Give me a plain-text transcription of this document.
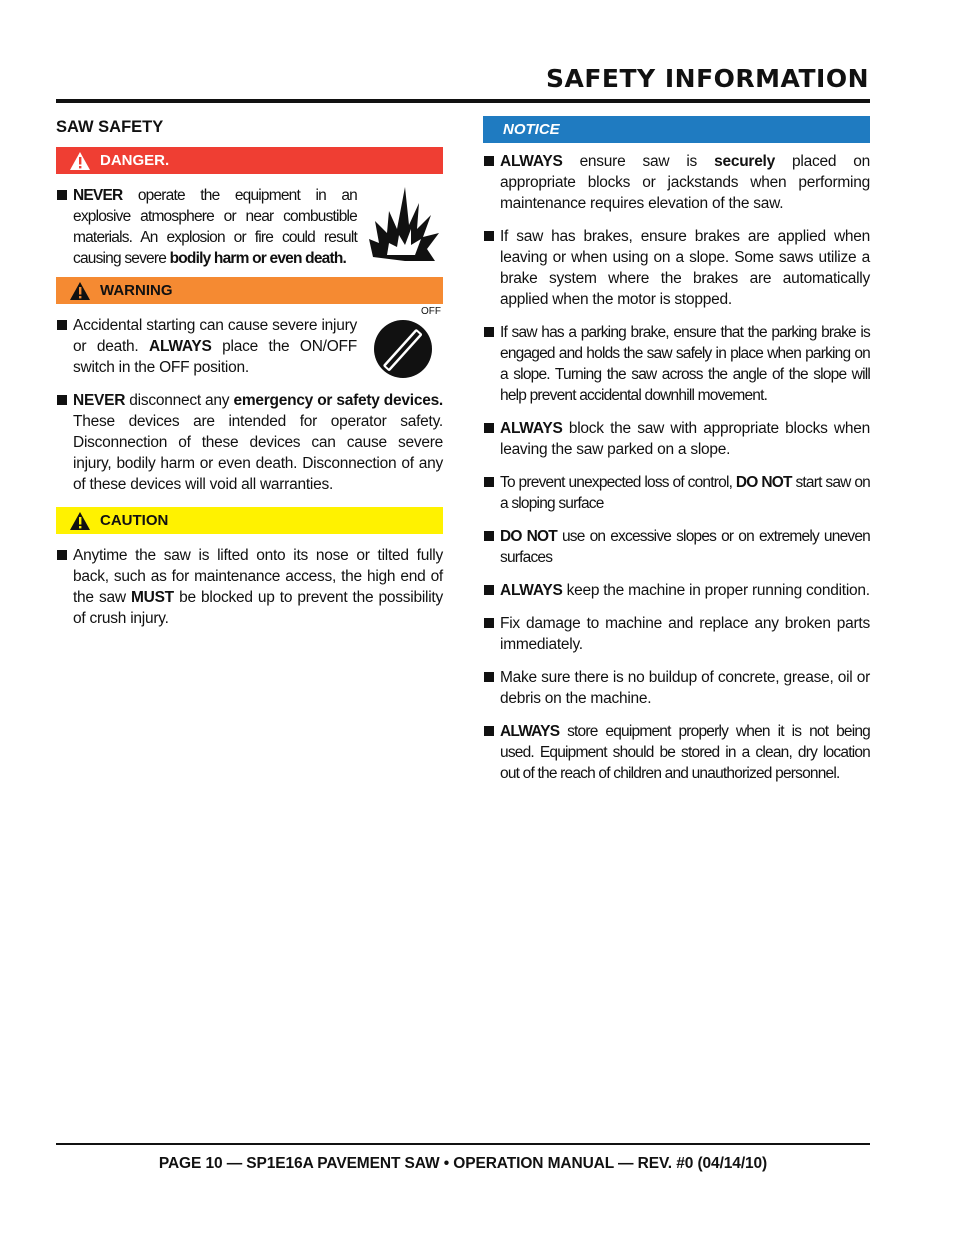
SAFETY INFORMATION
SAW SAFETY
DANGER.
NEVER operate the equipment in an explosive atmosphere or near combustible materials. An explosion or fire could result causing severe bodily harm or even death.
WARNING
Accidental starting can cause severe injury or death. ALWAYS place the ON/OFF switch in the OFF position.
OFF
NEVER disconnect any emergency or safety devices. These devices are intended for operator safety. Disconnection of these devices can cause severe injury, bodily harm or even death. Disconnection of any of these devices will void all warranties.
CAUTION
Anytime the saw is lifted onto its nose or tilted fully back, such as for maintenance access, the high end of the saw MUST be blocked up to prevent the possibility of crush injury.
NOTICE
ALWAYS ensure saw is securely placed on appropriate blocks or jackstands when performing maintenance requires elevation of the saw.
If saw has brakes, ensure brakes are applied when leaving or when using on a slope. Some saws utilize a brake system where the brakes are automatically applied when the motor is stopped.
If saw has a parking brake, ensure that the parking brake is engaged and holds the saw safely in place when parking on a slope. Turning the saw across the angle of the slope will help prevent accidental downhill movement.
ALWAYS block the saw with appropriate blocks when leaving the saw parked on a slope.
To prevent unexpected loss of control, DO NOT start saw on a sloping surface
DO NOT use on excessive slopes or on extremely uneven surfaces
ALWAYS keep the machine in proper running condition.
Fix damage to machine and replace any broken parts immediately.
Make sure there is no buildup of concrete, grease, oil or debris on the machine.
ALWAYS store equipment properly when it is not being used. Equipment should be stored in a clean, dry location out of the reach of children and unauthorized personnel.
PAGE 10 — SP1E16A PAVEMENT SAW • OPERATION MANUAL — REV. #0 (04/14/10)
